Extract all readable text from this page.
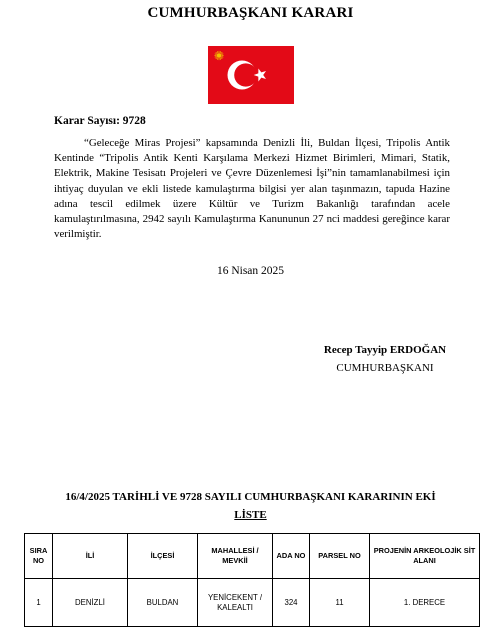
CUMHURBAŞKANI KARARI
Karar Sayısı: 9728

“Geleceğe Miras Projesi” kapsamında Denizli İli, Buldan İlçesi, Tripolis Antik Kentinde “Tripolis Antik Kenti Karşılama Merkezi Hizmet Birimleri, Mimari, Statik, Elektrik, Makine Tesisatı Projeleri ve Çevre Düzenlemesi İşi”nin tamamlanabilmesi için ihtiyaç duyulan ve ekli listede kamulaştırma bilgisi yer alan taşınmazın, tapuda Hazine adına tescil edilmek üzere Kültür ve Turizm Bakanlığı tarafından acele kamulaştırılmasına, 2942 sayılı Kamulaştırma Kanununun 27 nci maddesi gereğince karar verilmiştir.

16 Nisan 2025
Recep Tayyip ERDOĞAN
CUMHURBAŞKANI
16/4/2025 TARİHLİ VE 9728 SAYILI CUMHURBAŞKANI KARARININ EKİ
LİSTE
SIRA NO	İLİ	İLÇESİ	MAHALLESİ / MEVKİİ	ADA NO	PARSEL NO	PROJENİN ARKEOLOJİK SİT ALANI
1	DENİZLİ	BULDAN	YENİCEKENT / KALEALTI	324	11	1. DERECE
